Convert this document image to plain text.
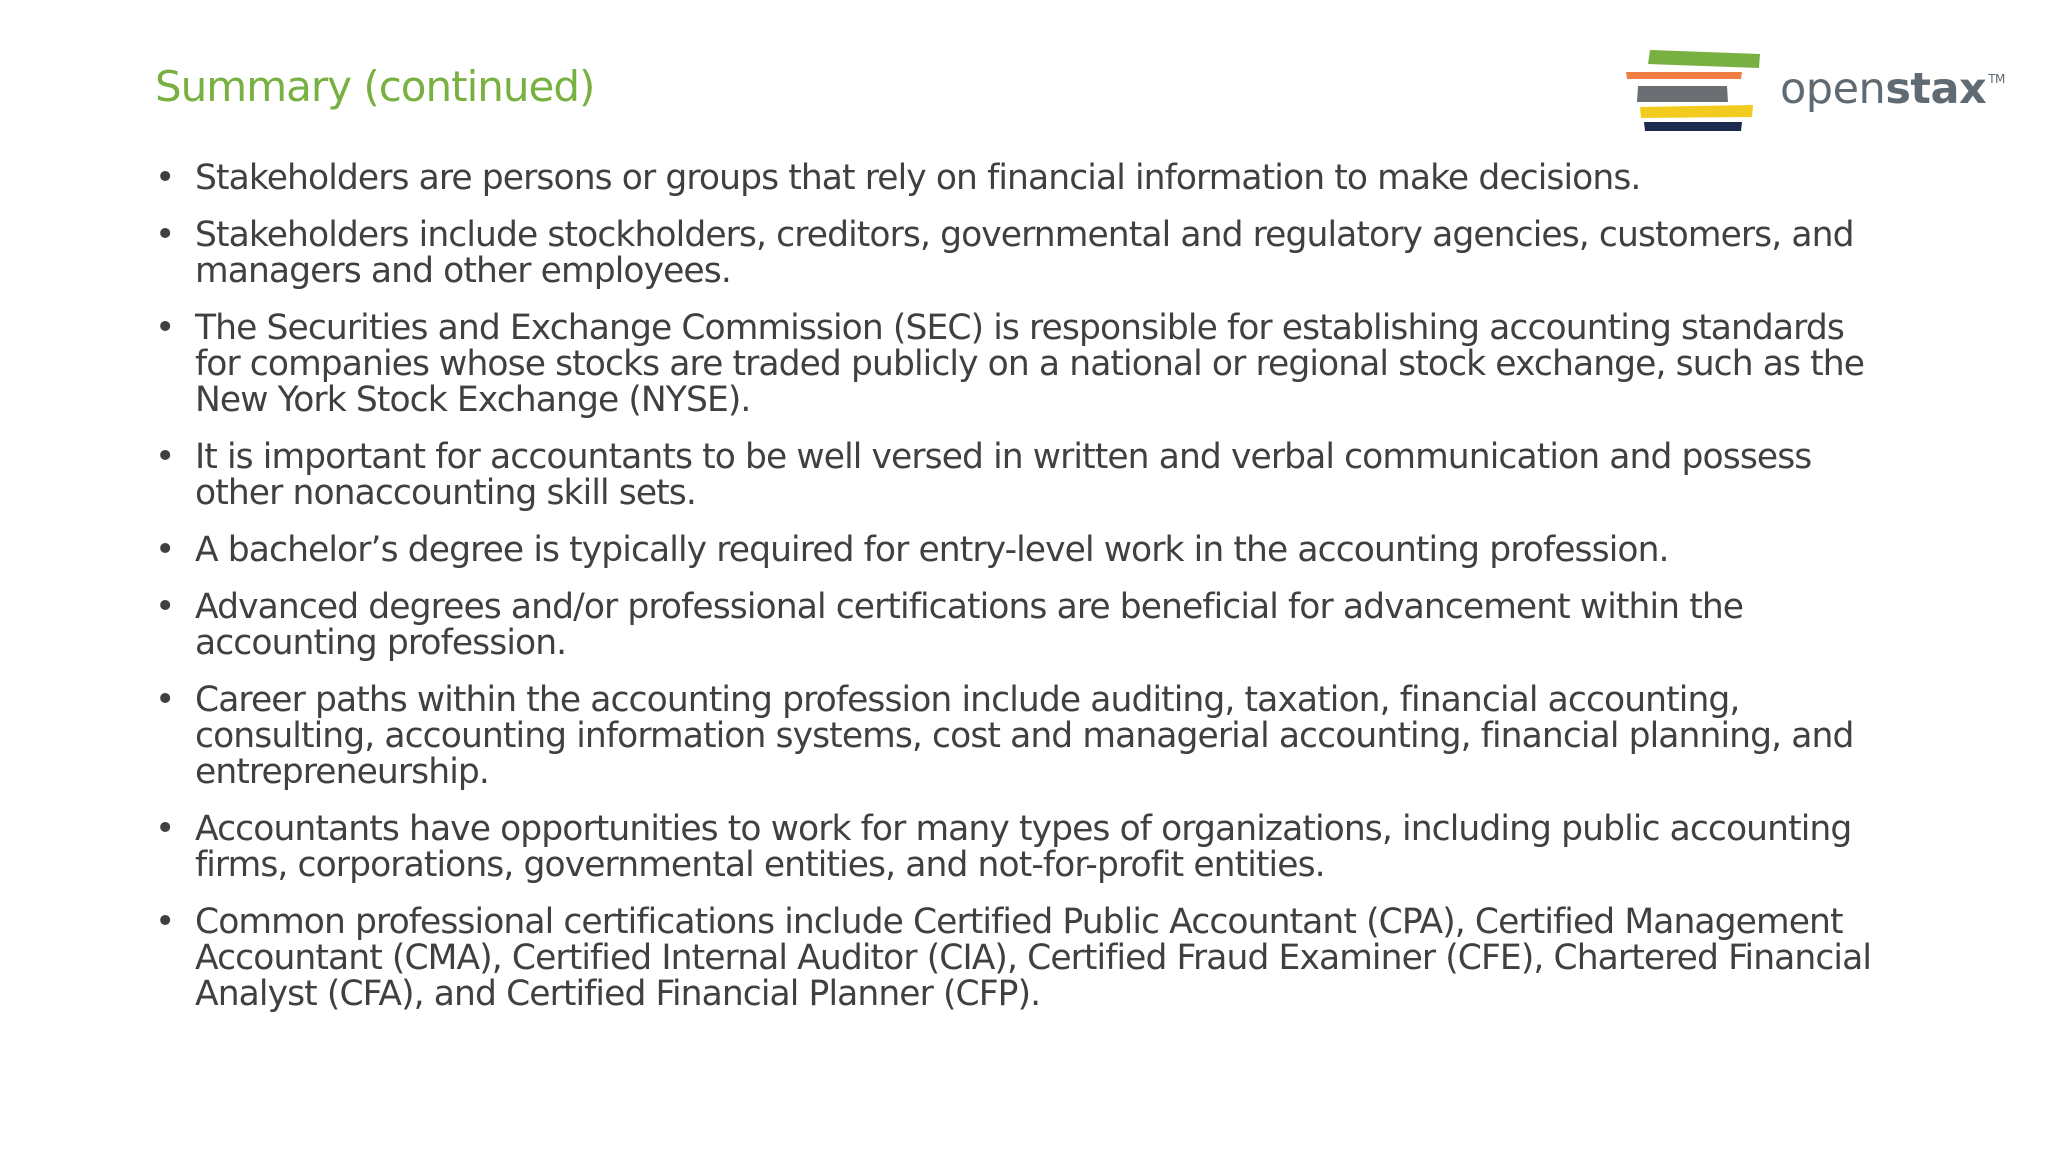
Summary (continued)	openstax ™
• Stakeholders are persons or groups that rely on financial information to make decisions.
• Stakeholders include stockholders, creditors, governmental and regulatory agencies, customers, and managers and other employees.
• The Securities and Exchange Commission (SEC) is responsible for establishing accounting standards for companies whose stocks are traded publicly on a national or regional stock exchange, such as the New York Stock Exchange (NYSE).
• It is important for accountants to be well versed in written and verbal communication and possess other nonaccounting skill sets.
• A bachelor’s degree is typically required for entry-level work in the accounting profession.
• Advanced degrees and/or professional certifications are beneficial for advancement within the accounting profession.
• Career paths within the accounting profession include auditing, taxation, financial accounting, consulting, accounting information systems, cost and managerial accounting, financial planning, and entrepreneurship.
• Accountants have opportunities to work for many types of organizations, including public accounting firms, corporations, governmental entities, and not-for-profit entities.
• Common professional certifications include Certified Public Accountant (CPA), Certified Management Accountant (CMA), Certified Internal Auditor (CIA), Certified Fraud Examiner (CFE), Chartered Financial Analyst (CFA), and Certified Financial Planner (CFP).
